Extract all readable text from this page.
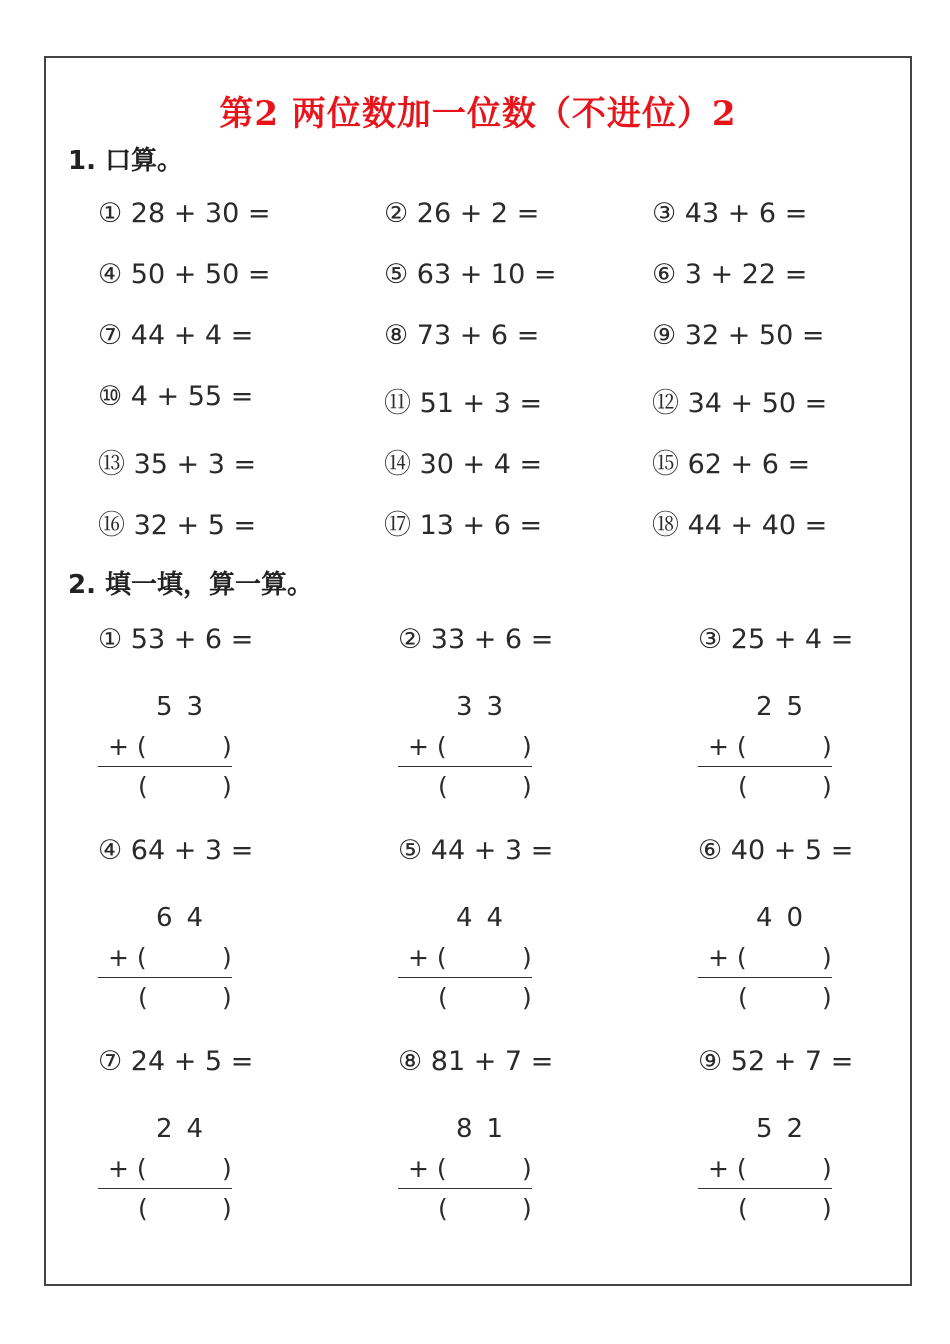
第2 两位数加一位数（不进位）2
1. 口算。
① 28 + 30 =	② 26 + 2 =	③ 43 + 6 =
④ 50 + 50 =	⑤ 63 + 10 =	⑥ 3 + 22 =
⑦ 44 + 4 =	⑧ 73 + 6 =	⑨ 32 + 50 =
⑩ 4 + 55 =	⑪ 51 + 3 =	⑫ 34 + 50 =
⑬ 35 + 3 =	⑭ 30 + 4 =	⑮ 62 + 6 =
⑯ 32 + 5 =	⑰ 13 + 6 =	⑱ 44 + 40 =
2. 填一填，算一算。
① 53 + 6 =	② 33 + 6 =	③ 25 + 4 =
53
+ (	)
(	)
33
+ (	)
(	)
25
+ (	)
(	)
④ 64 + 3 =	⑤ 44 + 3 =	⑥ 40 + 5 =
64
+ (	)
(	)
44
+ (	)
(	)
40
+ (	)
(	)
⑦ 24 + 5 =	⑧ 81 + 7 =	⑨ 52 + 7 =
24
+ (	)
(	)
81
+ (	)
(	)
52
+ (	)
(	)
